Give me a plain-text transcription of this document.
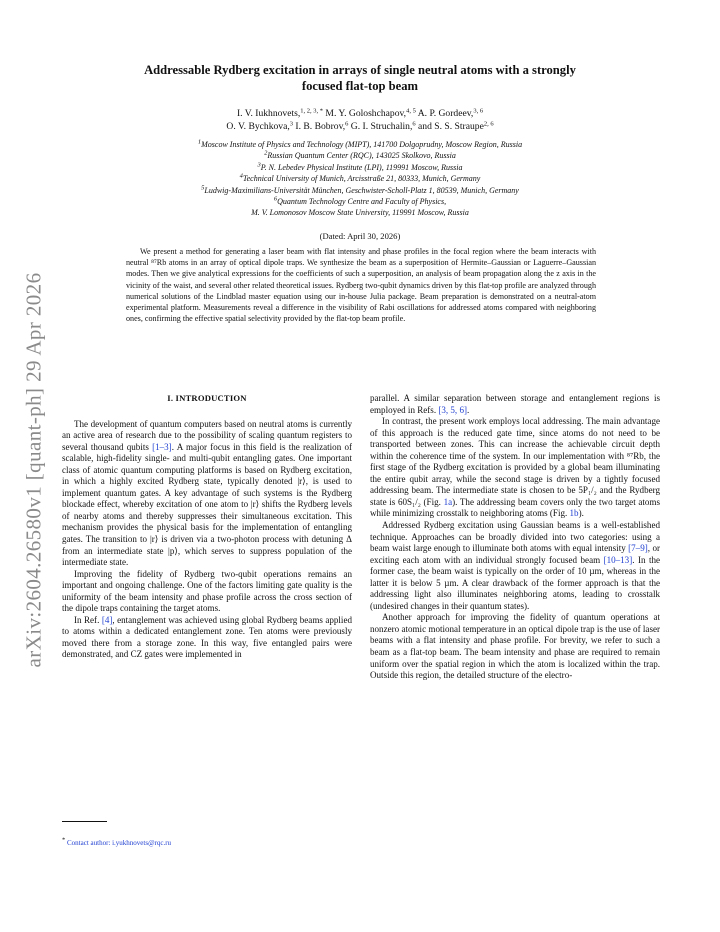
arXiv:2604.26580v1 [quant-ph] 29 Apr 2026
Addressable Rydberg excitation in arrays of single neutral atoms with a strongly
focused flat-top beam
I. V. Iukhnovets,$^{1, 2, 3, *}$ M. Y. Goloshchapov,$^{4, 5}$ A. P. Gordeev,$^{3, 6}$
O. V. Bychkova,$^3$ I. B. Bobrov,$^6$ G. I. Struchalin,$^6$ and S. S. Straupe$^{2, 6}$
$^1$Moscow Institute of Physics and Technology (MIPT), 141700 Dolgoprudny, Moscow Region, Russia
$^2$Russian Quantum Center (RQC), 143025 Skolkovo, Russia
$^3$P. N. Lebedev Physical Institute (LPI), 119991 Moscow, Russia
$^4$Technical University of Munich, Arcisstraße 21, 80333, Munich, Germany
$^5$Ludwig-Maximilians-Universität München, Geschwister-Scholl-Platz 1, 80539, Munich, Germany
$^6$Quantum Technology Centre and Faculty of Physics,
M. V. Lomonosov Moscow State University, 119991 Moscow, Russia
(Dated: April 30, 2026)

We present a method for generating a laser beam with flat intensity and phase profiles in the focal region where the beam interacts with neutral ⁸⁷Rb atoms in an array of optical dipole traps. We synthesize the beam as a superposition of Hermite–Gaussian or Laguerre–Gaussian modes. Then we give analytical expressions for the coefficients of such a superposition, an analysis of beam propagation along the z axis in the vicinity of the waist, and several other related theoretical issues. Rydberg two-qubit dynamics driven by this flat-top profile are analyzed through numerical solutions of the Lindblad master equation using our in-house Julia package. Beam preparation is demonstrated on a neutral-atom experimental platform. Measurements reveal a difference in the visibility of Rabi oscillations for addressed atoms compared with neighboring ones, confirming the effective spatial selectivity provided by the flat-top beam profile.

I. INTRODUCTION

The development of quantum computers based on neutral atoms is currently an active area of research due to the possibility of scaling quantum registers to several thousand qubits [1–3]. A major focus in this field is the realization of scalable, high-fidelity single- and multi-qubit entangling gates. One important class of atomic quantum computing platforms is based on Rydberg excitation, in which a highly excited Rydberg state, typically denoted |r⟩, is used to implement quantum gates. A key advantage of such systems is the Rydberg blockade effect, whereby excitation of one atom to |r⟩ shifts the Rydberg levels of nearby atoms and thereby suppresses their simultaneous excitation. This mechanism provides the physical basis for the implementation of entangling gates. The transition to |r⟩ is driven via a two-photon process with detuning Δ from an intermediate state |p⟩, which serves to suppress population of the intermediate state.

Improving the fidelity of Rydberg two-qubit operations remains an important and ongoing challenge. One of the factors limiting gate quality is the uniformity of the beam intensity and phase profile across the cross section of the dipole traps containing the target atoms.

In Ref. [4], entanglement was achieved using global Rydberg beams applied to atoms within a dedicated entanglement zone. Ten atoms were previously moved there from a storage zone. In this way, five entangled pairs were demonstrated, and CZ gates were implemented in

parallel. A similar separation between storage and entanglement regions is employed in Refs. [3, 5, 6].

In contrast, the present work employs local addressing. The main advantage of this approach is the reduced gate time, since atoms do not need to be transported between zones. This can increase the achievable circuit depth within the coherence time of the system. In our implementation with ⁸⁷Rb, the first stage of the Rydberg excitation is provided by a global beam illuminating the entire qubit array, while the second stage is driven by a tightly focused addressing beam. The intermediate state is chosen to be 5P₁/₂ and the Rydberg state is 60S₁/₂ (Fig. 1a). The addressing beam covers only the two target atoms while minimizing crosstalk to neighboring atoms (Fig. 1b).

Addressed Rydberg excitation using Gaussian beams is a well-established technique. Approaches can be broadly divided into two categories: using a beam waist large enough to illuminate both atoms with equal intensity [7–9], or exciting each atom with an individual strongly focused beam [10–13]. In the former case, the beam waist is typically on the order of 10 µm, whereas in the latter it is below 5 µm. A clear drawback of the former approach is that the addressing light also illuminates neighboring atoms, leading to crosstalk (undesired changes in their quantum states).

Another approach for improving the fidelity of quantum operations at nonzero atomic motional temperature in an optical dipole trap is the use of laser beams with a flat intensity and phase profile. For brevity, we refer to such a beam as a flat-top beam. The beam intensity and phase are required to remain uniform over the spatial region in which the atom is localized within the trap. Outside this region, the detailed structure of the electro-

* Contact author: i.yukhnovets@rqc.ru
